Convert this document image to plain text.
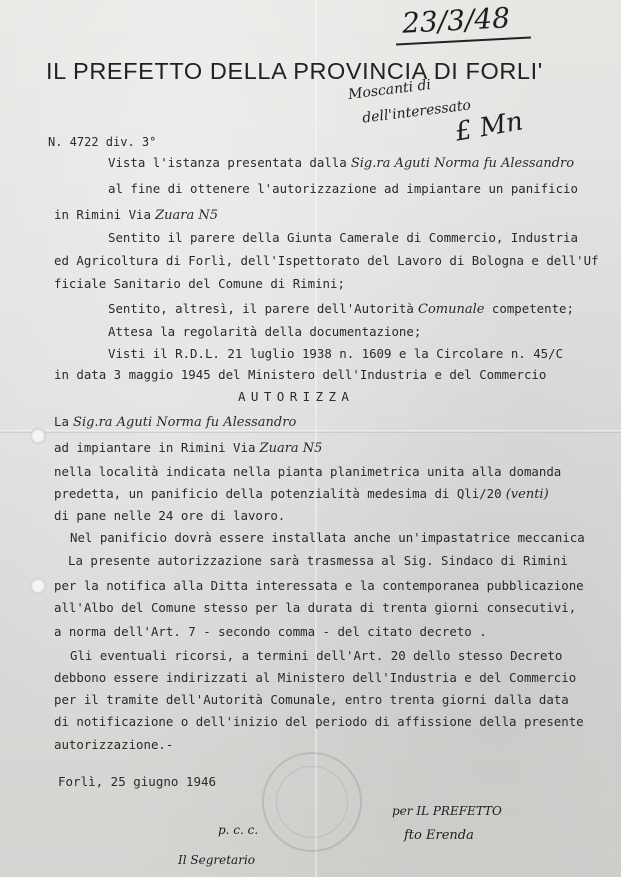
23/3/48
IL PREFETTO DELLA PROVINCIA DI FORLI'
Moscanti di
dell'interessato
£ Mn
N. 4722 div. 3°
Vista l'istanza presentata dalla Sig.ra Aguti Norma fu Alessandro
al fine di ottenere l'autorizzazione ad impiantare un panificio
in Rimini Via Zuara N5
Sentito il parere della Giunta Camerale di Commercio, Industria
ed Agricoltura di Forlì, dell'Ispettorato del Lavoro di Bologna e dell'Uf
ficiale Sanitario del Comune di Rimini;
Sentito, altresì, il parere dell'Autorità Comunale competente;
Attesa la regolarità della documentazione;
Visti il R.D.L. 21 luglio 1938 n. 1609 e la Circolare n. 45/C
in data 3 maggio 1945 del Ministero dell'Industria e del Commercio
AUTORIZZA
La Sig.ra Aguti Norma fu Alessandro
ad impiantare in Rimini Via Zuara N5
nella località indicata nella pianta planimetrica unita alla domanda
predetta, un panificio della potenzialità medesima di Qli/20 (venti)
di pane nelle 24 ore di lavoro.
Nel panificio dovrà essere installata anche un'impastatrice meccanica
La presente autorizzazione sarà trasmessa al Sig. Sindaco di Rimini
per la notifica alla Ditta interessata e la contemporanea pubblicazione
all'Albo del Comune stesso per la durata di trenta giorni consecutivi,
a norma dell'Art. 7 - secondo comma - del citato decreto .
Gli eventuali ricorsi, a termini dell'Art. 20 dello stesso Decreto
debbono essere indirizzati al Ministero dell'Industria e del Commercio
per il tramite dell'Autorità Comunale, entro trenta giorni dalla data
di notificazione o dell'inizio del periodo di affissione della presente
autorizzazione.-
Forlì, 25 giugno 1946
per IL PREFETTO
fto Erenda
p. c. c.
Il Segretario
